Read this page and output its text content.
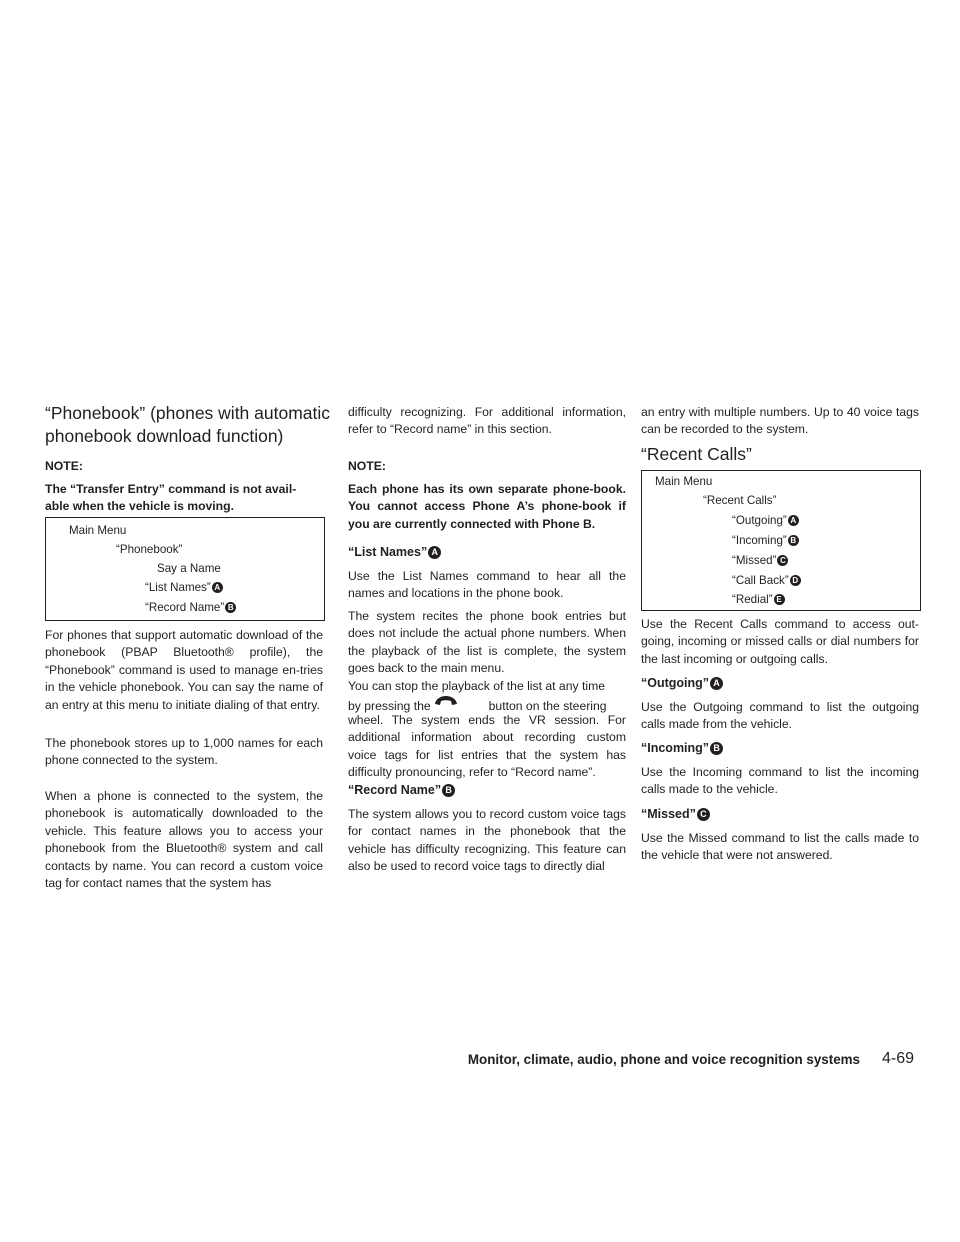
“Phonebook” (phones with automatic
phonebook download function)
NOTE:
The “Transfer Entry” command is not avail-
able when the vehicle is moving.
Main Menu
“Phonebook”
Say a Name
“List Names” A
“Record Name” B

For phones that support automatic download of the phonebook (PBAP Bluetooth® profile), the “Phonebook” command is used to manage en-tries in the vehicle phonebook. You can say the name of an entry at this menu to initiate dialing of that entry.

The phonebook stores up to 1,000 names for each phone connected to the system.

When a phone is connected to the system, the phonebook is automatically downloaded to the vehicle. This feature allows you to access your phonebook from the Bluetooth® system and call contacts by name. You can record a custom voice tag for contact names that the system has

difficulty recognizing. For additional information, refer to “Record name” in this section.

NOTE:

Each phone has its own separate phone-book. You cannot access Phone A’s phone-book if you are currently connected with Phone B.

“List Names” A

Use the List Names command to hear all the names and locations in the phone book.

The system recites the phone book entries but does not include the actual phone numbers. When the playback of the list is complete, the system goes back to the main menu.

You can stop the playback of the list at any time
by pressing the	button on the steering

wheel. The system ends the VR session. For additional information about recording custom voice tags for list entries that the system has difficulty pronouncing, refer to “Record name”.

“Record Name” B

The system allows you to record custom voice tags for contact names in the phonebook that the vehicle has difficulty recognizing. This feature can also be used to record voice tags to directly dial

an entry with multiple numbers. Up to 40 voice tags can be recorded to the system.

“Recent Calls”
Main Menu
“Recent Calls”
“Outgoing” A
“Incoming” B
“Missed” C
“Call Back” D
“Redial” E

Use the Recent Calls command to access out-going, incoming or missed calls or dial numbers for the last incoming or outgoing calls.

“Outgoing” A

Use the Outgoing command to list the outgoing calls made from the vehicle.

“Incoming” B

Use the Incoming command to list the incoming calls made to the vehicle.

“Missed” C

Use the Missed command to list the calls made to the vehicle that were not answered.

Monitor, climate, audio, phone and voice recognition systems 4-69
